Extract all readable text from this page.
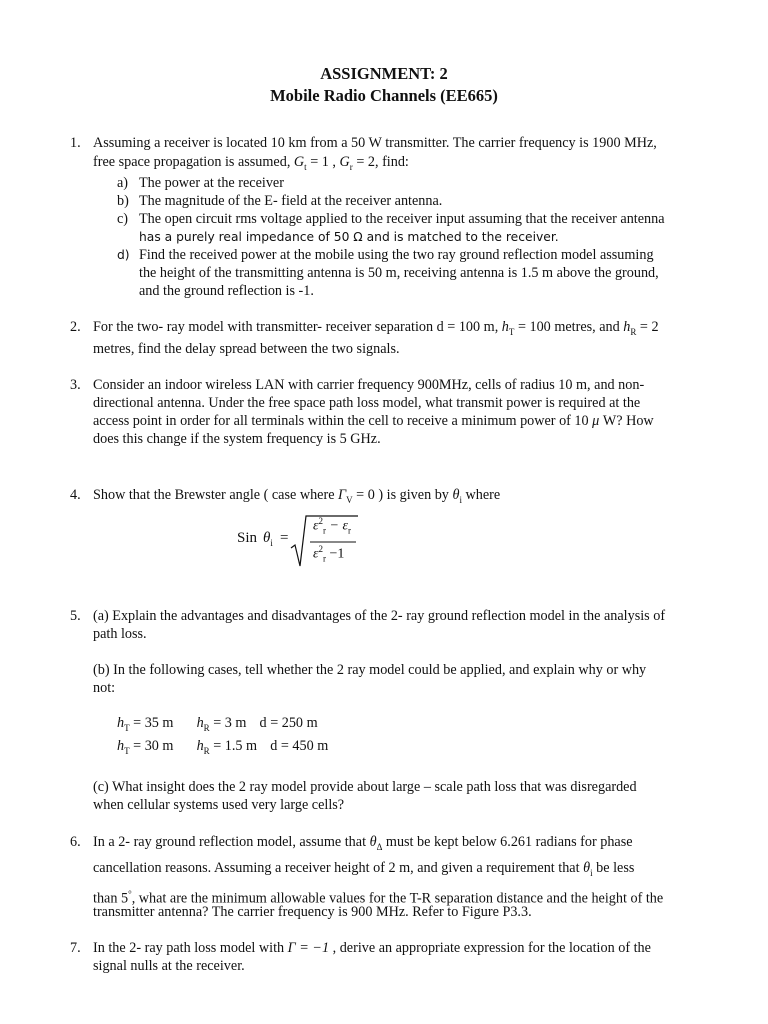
ASSIGNMENT: 2
Mobile Radio Channels (EE665)
1. Assuming a receiver is located 10 km from a 50 W transmitter. The carrier frequency is 1900 MHz,
free space propagation is assumed, $G_t = 1$ , $G_r = 2$, find:
a) The power at the receiver
b) The magnitude of the E- field at the receiver antenna.
c) The open circuit rms voltage applied to the receiver input assuming that the receiver antenna
has a purely real impedance of 50 Ω and is matched to the receiver.
d) Find the received power at the mobile using the two ray ground reflection model assuming
the height of the transmitting antenna is 50 m, receiving antenna is 1.5 m above the ground,
and the ground reflection is -1.
2. For the two- ray model with transmitter- receiver separation d = 100 m, $h_T = 100$ metres, and $h_R = 2$
metres, find the delay spread between the two signals.
3. Consider an indoor wireless LAN with carrier frequency 900MHz, cells of radius 10 m, and non-
directional antenna. Under the free space path loss model, what transmit power is required at the
access point in order for all terminals within the cell to receive a minimum power of 10 μ W? How
does this change if the system frequency is 5 GHz.
4. Show that the Brewster angle ( case where $\Gamma_V = 0$ ) is given by $\theta_i$ where
Sin $\theta_i$ =
$\varepsilon^2_r - \varepsilon_r$
$\varepsilon^2_r -1$
5. (a) Explain the advantages and disadvantages of the 2- ray ground reflection model in the analysis of
path loss.
(b) In the following cases, tell whether the 2 ray model could be applied, and explain why or why
not:
$h_T = 35$ m $h_R = 3$ m d = 250 m
$h_T = 30$ m $h_R = 1.5$ m d = 450 m
(c) What insight does the 2 ray model provide about large – scale path loss that was disregarded
when cellular systems used very large cells?
6. In a 2- ray ground reflection model, assume that $\theta_\Delta$ must be kept below 6.261 radians for phase
cancellation reasons. Assuming a receiver height of 2 m, and given a requirement that $\theta_i$ be less
than 5°, what are the minimum allowable values for the T-R separation distance and the height of the
transmitter antenna? The carrier frequency is 900 MHz. Refer to Figure P3.3.
7. In the 2- ray path loss model with Γ = −1 , derive an appropriate expression for the location of the
signal nulls at the receiver.
